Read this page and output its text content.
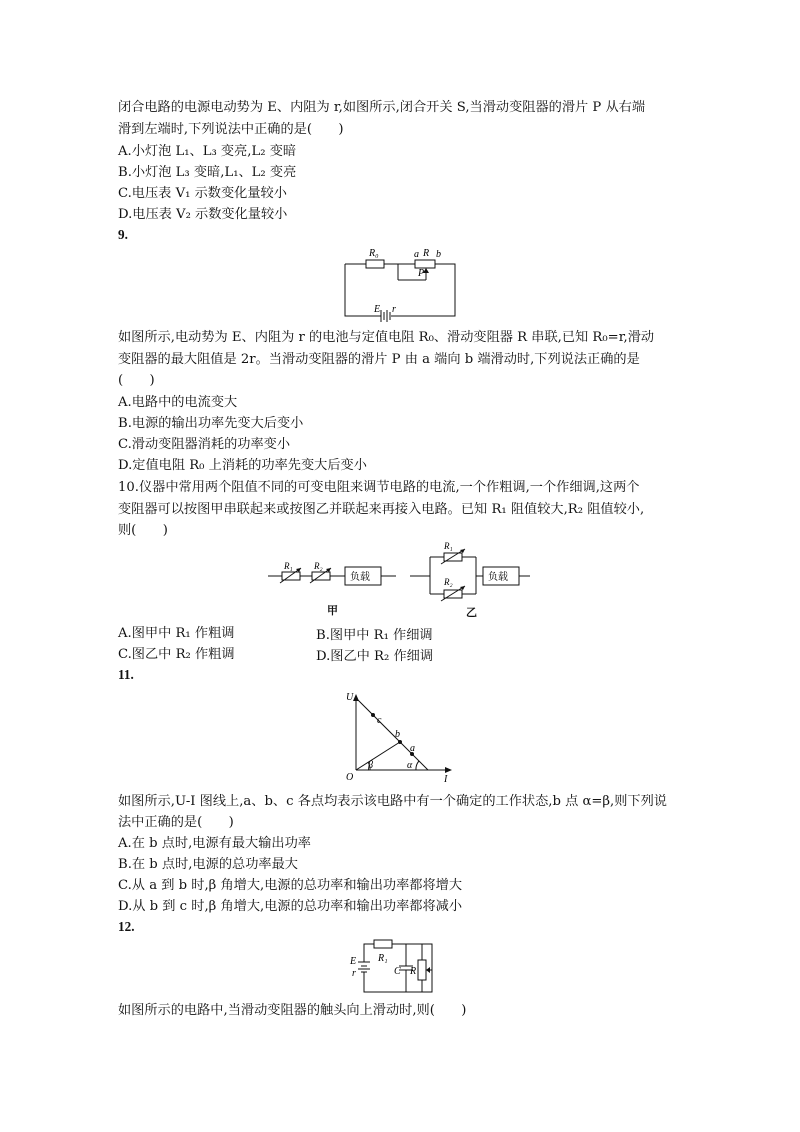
闭合电路的电源电动势为 E、内阻为 r,如图所示,闭合开关 S,当滑动变阻器的滑片 P 从右端
滑到左端时,下列说法中正确的是(　　)
A.小灯泡 L₁、L₃ 变亮,L₂ 变暗
B.小灯泡 L₃ 变暗,L₁、L₂ 变亮
C.电压表 V₁ 示数变化量较小
D.电压表 V₂ 示数变化量较小
9.
R₀	a R b
P
E r
如图所示,电动势为 E、内阻为 r 的电池与定值电阻 R₀、滑动变阻器 R 串联,已知 R₀=r,滑动
变阻器的最大阻值是 2r。当滑动变阻器的滑片 P 由 a 端向 b 端滑动时,下列说法正确的是
(　　)
A.电路中的电流变大
B.电源的输出功率先变大后变小
C.滑动变阻器消耗的功率变小
D.定值电阻 R₀ 上消耗的功率先变大后变小
10.仪器中常用两个阻值不同的可变电阻来调节电路的电流,一个作粗调,一个作细调,这两个
变阻器可以按图甲串联起来或按图乙并联起来再接入电路。已知 R₁ 阻值较大,R₂ 阻值较小,
则(　　)
R₁ R₂
负载
甲
R₁
R₂	负载
乙
A.图甲中 R₁ 作粗调	B.图甲中 R₁ 作细调
C.图乙中 R₂ 作粗调	D.图乙中 R₂ 作细调
11.
U
I
O
c
b
a
β	α
如图所示,U-I 图线上,a、b、c 各点均表示该电路中有一个确定的工作状态,b 点 α=β,则下列说
法中正确的是(　　)
A.在 b 点时,电源有最大输出功率
B.在 b 点时,电源的总功率最大
C.从 a 到 b 时,β 角增大,电源的总功率和输出功率都将增大
D.从 b 到 c 时,β 角增大,电源的总功率和输出功率都将减小
12.
R₁
E
r	C R
如图所示的电路中,当滑动变阻器的触头向上滑动时,则(　　)
